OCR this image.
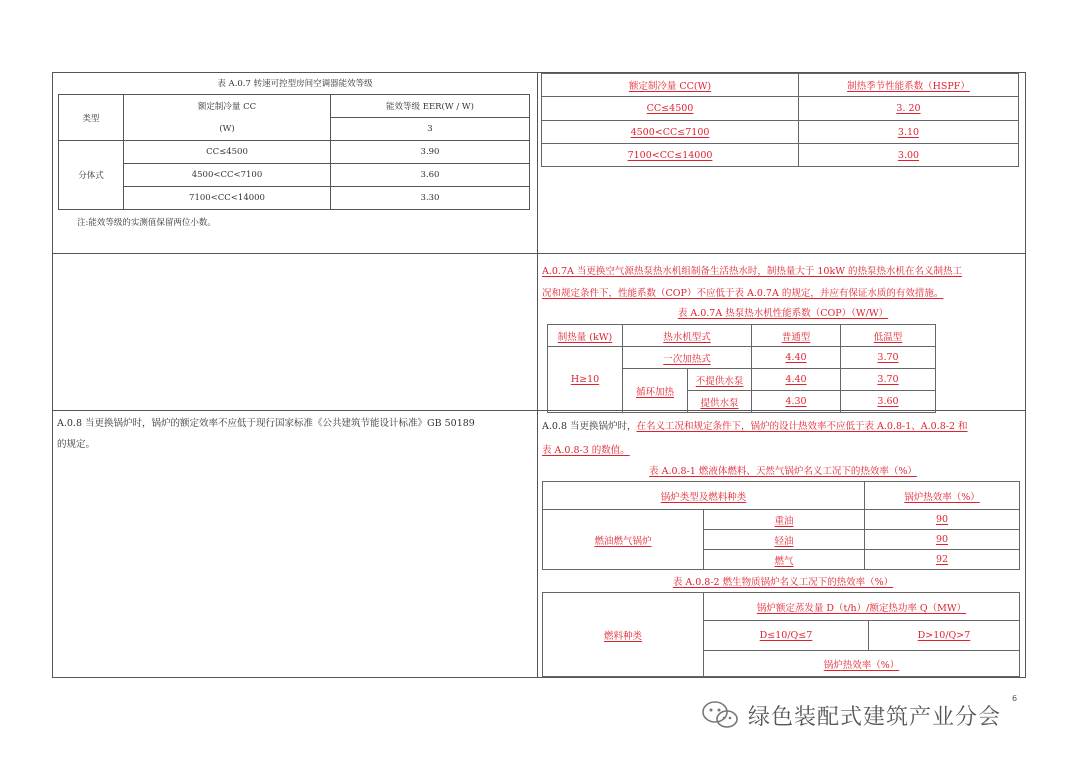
表 A.0.7 转速可控型房间空调器能效等级
类型	额定制冷量 CC	能效等级 EER(W / W)
	(W)	3
分体式	CC≤4500	3.90
	4500<CC<7100	3.60
	7100<CC<14000	3.30
注:能效等级的实测值保留两位小数。
额定制冷量 CC(W)	制热季节性能系数（HSPF）
CC≤4500	3. 20
4500<CC≤7100	3.10
7100<CC≤14000	3.00
A.0.7A 当更换空气源热泵热水机组制备生活热水时，制热量大于 10kW 的热泵热水机在名义制热工
况和规定条件下，性能系数（COP）不应低于表 A.0.7A 的规定，并应有保证水质的有效措施。
表 A.0.7A 热泵热水机性能系数（COP）（W/W）
制热量 (kW)	热水机型式		普通型	低温型
H≥10	一次加热式		4.40	3.70
	循环加热	不提供水泵	4.40	3.70
		提供水泵	4.30	3.60
A.0.8 当更换锅炉时，锅炉的额定效率不应低于现行国家标准《公共建筑节能设计标准》GB 50189
的规定。
A.0.8 当更换锅炉时，在名义工况和规定条件下，锅炉的设计热效率不应低于表 A.0.8-1、A.0.8-2 和
表 A.0.8-3 的数值。
表 A.0.8-1 燃液体燃料、天然气锅炉名义工况下的热效率（%）
锅炉类型及燃料种类		锅炉热效率（%）
燃油燃气锅炉	重油	90
	轻油	90
	燃气	92
表 A.0.8-2 燃生物质锅炉名义工况下的热效率（%）
燃料种类	锅炉额定蒸发量 D（t/h）/额定热功率 Q（MW）	
	D≤10/Q≤7	D>10/Q>7
	锅炉热效率（%）	
绿色装配式建筑产业分会
6
